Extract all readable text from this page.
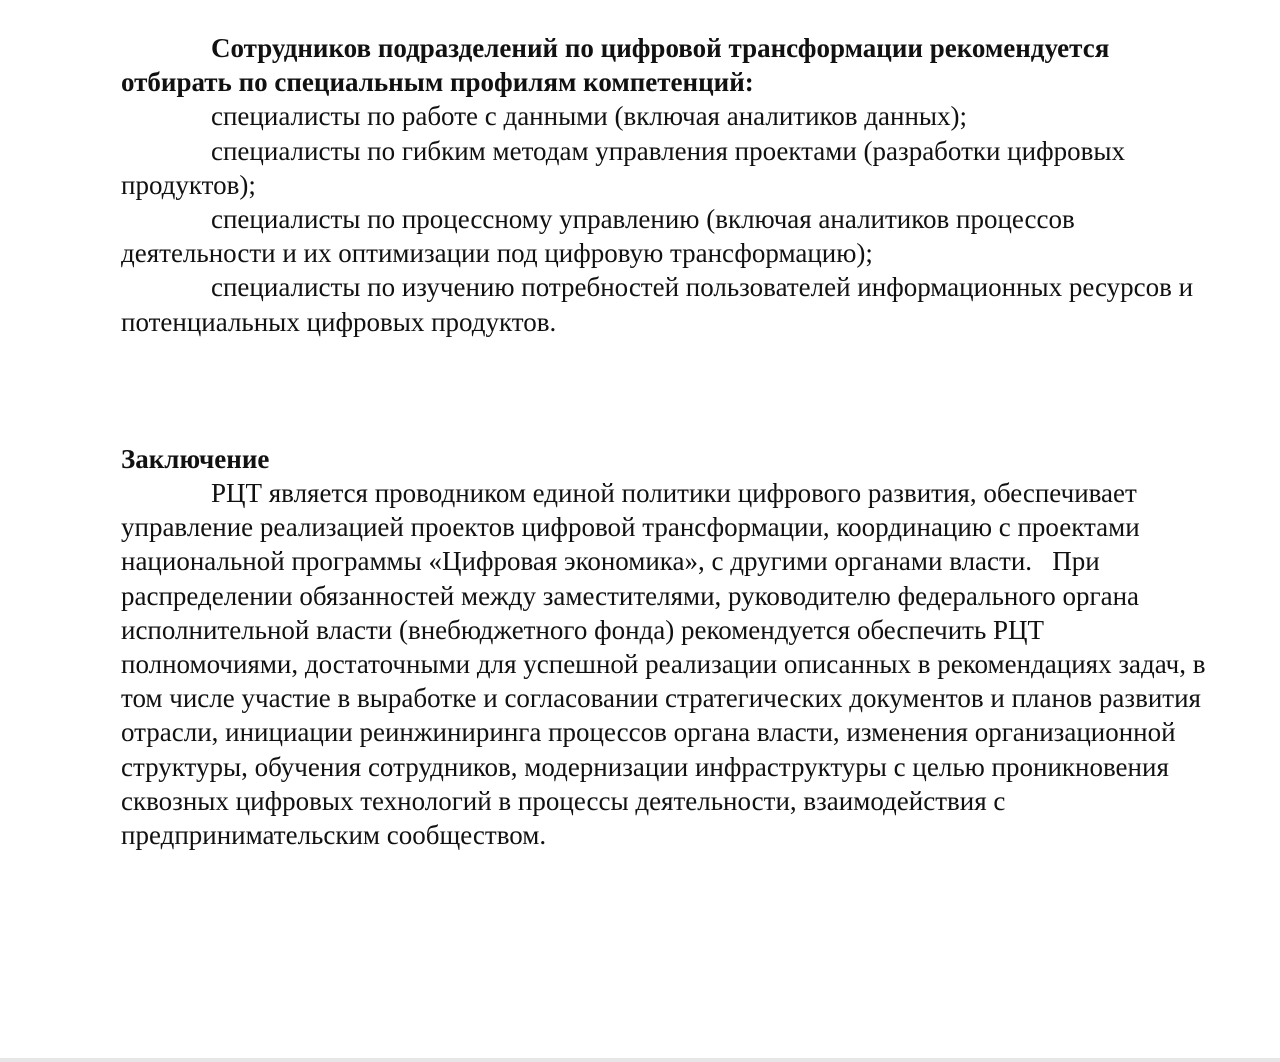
Сотрудников подразделений по цифровой трансформации рекомендуется отбирать по специальным профилям компетенций:

специалисты по работе с данными (включая аналитиков данных);

специалисты по гибким методам управления проектами (разработки цифровых продуктов);

специалисты по процессному управлению (включая аналитиков процессов деятельности и их оптимизации под цифровую трансформацию);

специалисты по изучению потребностей пользователей информационных ресурсов и потенциальных цифровых продуктов.

Заключение

РЦТ является проводником единой политики цифрового развития, обеспечивает управление реализацией проектов цифровой трансформации, координацию с проектами национальной программы «Цифровая экономика», с другими органами власти.   При распределении обязанностей между заместителями, руководителю федерального органа исполнительной власти (внебюджетного фонда) рекомендуется обеспечить РЦТ полномочиями, достаточными для успешной реализации описанных в рекомендациях задач, в том числе участие в выработке и согласовании стратегических документов и планов развития отрасли, инициации реинжиниринга процессов органа власти, изменения организационной структуры, обучения сотрудников, модернизации инфраструктуры с целью проникновения сквозных цифровых технологий в процессы деятельности, взаимодействия с предпринимательским сообществом.
